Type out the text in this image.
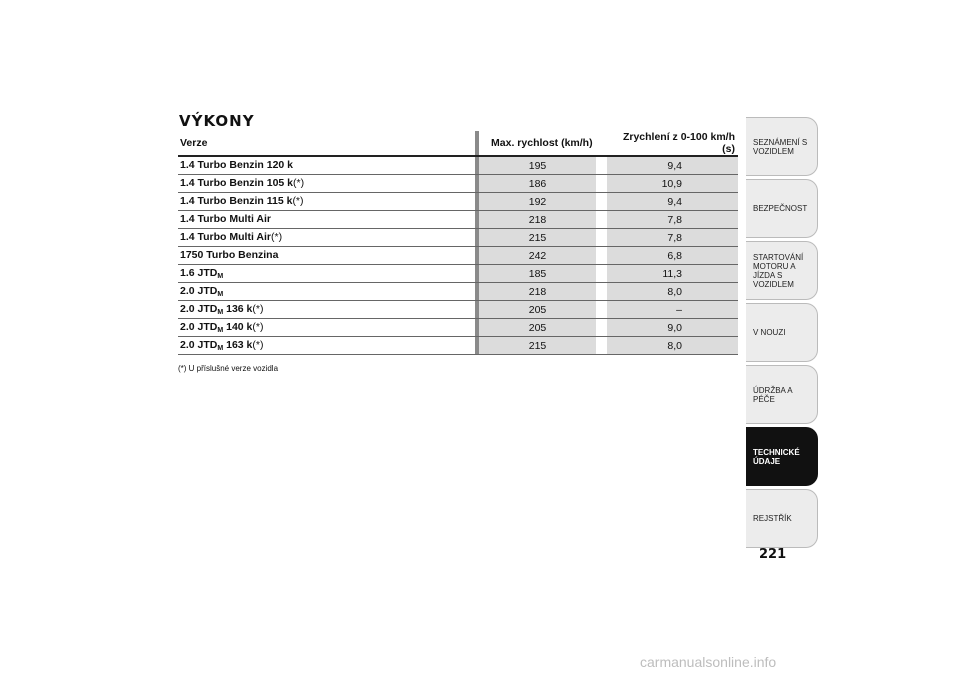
VÝKONY
Verze		Max. rychlost (km/h)		Zrychlení z 0-100 km/h (s)
1.4 Turbo Benzin 120 k		195		9,4
1.4 Turbo Benzin 105 k(*)		186		10,9
1.4 Turbo Benzin 115 k(*)		192		9,4
1.4 Turbo Multi Air		218		7,8
1.4 Turbo Multi Air(*)		215		7,8
1750 Turbo Benzina		242		6,8
1.6 $JTD_M$		185		11,3
2.0 $JTD_M$		218		8,0
2.0 $JTD_M$ 136 k(*)		205		–
2.0 $JTD_M$ 140 k(*)		205		9,0
2.0 $JTD_M$ 163 k(*)		215		8,0
(*) U příslušné verze vozidla
SEZNÁMENÍ S VOZIDLEM
BEZPEČNOST
STARTOVÁNÍ MOTORU A JÍZDA S VOZIDLEM
V NOUZI
ÚDRŽBA A PÉČE
TECHNICKÉ ÚDAJE
REJSTŘÍK
221
carmanualsonline.info
